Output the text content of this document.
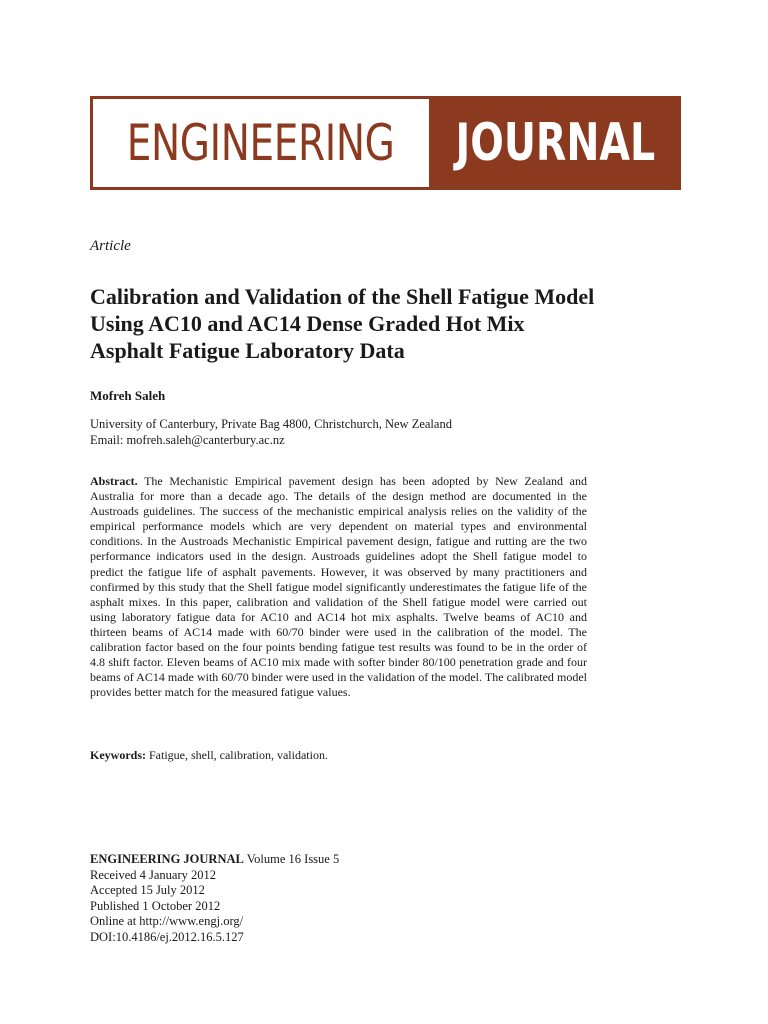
ENGINEERING JOURNAL
Article
Calibration and Validation of the Shell Fatigue Model
Using AC10 and AC14 Dense Graded Hot Mix
Asphalt Fatigue Laboratory Data
Mofreh Saleh
University of Canterbury, Private Bag 4800, Christchurch, New Zealand
Email: mofreh.saleh@canterbury.ac.nz

Abstract. The Mechanistic Empirical pavement design has been adopted by New Zealand and Australia for more than a decade ago. The details of the design method are documented in the Austroads guidelines. The success of the mechanistic empirical analysis relies on the validity of the empirical performance models which are very dependent on material types and environmental conditions. In the Austroads Mechanistic Empirical pavement design, fatigue and rutting are the two performance indicators used in the design. Austroads guidelines adopt the Shell fatigue model to predict the fatigue life of asphalt pavements. However, it was observed by many practitioners and confirmed by this study that the Shell fatigue model significantly underestimates the fatigue life of the asphalt mixes. In this paper, calibration and validation of the Shell fatigue model were carried out using laboratory fatigue data for AC10 and AC14 hot mix asphalts. Twelve beams of AC10 and thirteen beams of AC14 made with 60/70 binder were used in the calibration of the model. The calibration factor based on the four points bending fatigue test results was found to be in the order of 4.8 shift factor. Eleven beams of AC10 mix made with softer binder 80/100 penetration grade and four beams of AC14 made with 60/70 binder were used in the validation of the model. The calibrated model provides better match for the measured fatigue values.

Keywords: Fatigue, shell, calibration, validation.
ENGINEERING JOURNAL Volume 16 Issue 5
Received 4 January 2012
Accepted 15 July 2012
Published 1 October 2012
Online at http://www.engj.org/
DOI:10.4186/ej.2012.16.5.127
